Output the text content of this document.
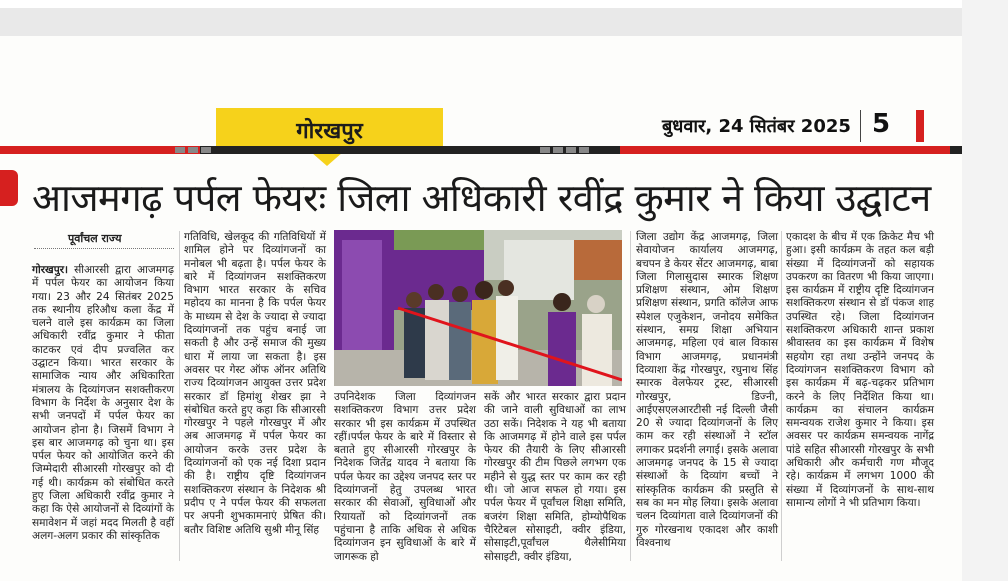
गोरखपुर	बुधवार, 24 सितंबर 2025 5
आजमगढ़ पर्पल फेयरः जिला अधिकारी रवींद्र कुमार ने किया उद्घाटन
पूर्वांचल राज्य
गोरखपुर। सीआरसी द्वारा आजमगढ़ में पर्पल फेयर का आयोजन किया गया। 23 और 24 सितंबर 2025 तक स्थानीय हरिऔध कला केंद्र में चलने वाले इस कार्यक्रम का जिला अधिकारी रवींद्र कुमार ने फीता काटकर एवं दीप प्रज्वलित कर उद्घाटन किया। भारत सरकार के सामाजिक न्याय और अधिकारिता मंत्रालय के दिव्यांगजन सशक्तीकरण विभाग के निर्देश के अनुसार देश के सभी जनपदों में पर्पल फेयर का आयोजन होना है। जिसमें विभाग ने इस बार आजमगढ़ को चुना था। इस पर्पल फेयर को आयोजित करने की जिम्मेदारी सीआरसी गोरखपुर को दी गई थी। कार्यक्रम को संबोधित करते हुए जिला अधिकारी रवींद्र कुमार ने कहा कि ऐसे आयोजनों से दिव्यांगों के समावेशन में जहां मदद मिलती है वहीं अलग-अलग प्रकार की सांस्कृतिक
गतिविधि, खेलकूद की गतिविधियों में शामिल होने पर दिव्यांगजनों का मनोबल भी बढ़ता है। पर्पल फेयर के बारे में दिव्यांगजन सशक्तिकरण विभाग भारत सरकार के सचिव महोदय का मानना है कि पर्पल फेयर के माध्यम से देश के ज्यादा से ज्यादा दिव्यांगजनों तक पहुंच बनाई जा सकती है और उन्हें समाज की मुख्य धारा में लाया जा सकता है। इस अवसर पर गेस्ट ऑफ ऑनर अतिथि राज्य दिव्यांगजन आयुक्त उत्तर प्रदेश सरकार डॉ हिमांशु शेखर झा ने संबोधित करते हुए कहा कि सीआरसी गोरखपुर ने पहले गोरखपुर में और अब आजमगढ़ में पर्पल फेयर का आयोजन करके उत्तर प्रदेश के दिव्यांगजनों को एक नई दिशा प्रदान की है। राष्ट्रीय दृष्टि दिव्यांगजन सशक्तिकरण संस्थान के निदेशक श्री प्रदीप ए ने पर्पल फेयर की सफलता पर अपनी शुभकामनाएं प्रेषित की। बतौर विशिष्ट अतिथि सुश्री मीनू सिंह
उपनिदेशक जिला दिव्यांगजन सशक्तिकरण विभाग उत्तर प्रदेश सरकार भी इस कार्यक्रम में उपस्थित रहीं।पर्पल फेयर के बारे में विस्तार से बताते हुए सीआरसी गोरखपुर के निदेशक जितेंद्र यादव ने बताया कि पर्पल फेयर का उद्देश्य जनपद स्तर पर दिव्यांगजनों हेतु उपलब्ध भारत सरकार की सेवाओं, सुविधाओं और रियायतों को दिव्यांगजनों तक पहुंचाना है ताकि अधिक से अधिक दिव्यांगजन इन सुविधाओं के बारे में जागरूक हो
सकें और भारत सरकार द्वारा प्रदान की जाने वाली सुविधाओं का लाभ उठा सकें। निदेशक ने यह भी बताया कि आजमगढ़ में होने वाले इस पर्पल फेयर की तैयारी के लिए सीआरसी गोरखपुर की टीम पिछले लगभग एक महीने से युद्ध स्तर पर काम कर रही थी। जो आज सफल हो गया। इस पर्पल फेयर में पूर्वांचल शिक्षा समिति, बजरंग शिक्षा समिति, होम्योपैथिक चैरिटेबल सोसाइटी, क्वीर इंडिया, सोसाइटी,पूर्वांचल थैलेसीमिया सोसाइटी, क्वीर इंडिया,
जिला उद्योग केंद्र आजमगढ़, जिला सेवायोजन कार्यालय आजमगढ़, बचपन डे केयर सेंटर आजमगढ़, बाबा जिला गिलासुदास स्मारक शिक्षण प्रशिक्षण संस्थान, ओम शिक्षण प्रशिक्षण संस्थान, प्रगति कॉलेज आफ स्पेशल एजुकेशन, जनोदय समेकित संस्थान, समग्र शिक्षा अभियान आजमगढ़, महिला एवं बाल विकास विभाग आजमगढ़, प्रधानमंत्री दिव्याशा केंद्र गोरखपुर, रघुनाथ सिंह स्मारक वेलफेयर ट्रस्ट, सीआरसी गोरखपुर, डिज्नी, आईएसएलआरटीसी नई दिल्ली जैसी 20 से ज्यादा दिव्यांगजनों के लिए काम कर रही संस्थाओं ने स्टॉल लगाकर प्रदर्शनी लगाई। इसके अलावा आजमगढ़ जनपद के 15 से ज्यादा संस्थाओं के दिव्यांग बच्चों ने सांस्कृतिक कार्यक्रम की प्रस्तुति से सब का मन मोह लिया। इसके अलावा चलन दिव्यांगता वाले दिव्यांगजनों की गुरु गोरखनाथ एकादश और काशी विश्वनाथ
एकादश के बीच में एक क्रिकेट मैच भी हुआ। इसी कार्यक्रम के तहत कल बड़ी संख्या में दिव्यांगजनों को सहायक उपकरण का वितरण भी किया जाएगा। इस कार्यक्रम में राष्ट्रीय दृष्टि दिव्यांगजन सशक्तिकरण संस्थान से डॉ पंकज शाह उपस्थित रहे। जिला दिव्यांगजन सशक्तिकरण अधिकारी शान्त प्रकाश श्रीवास्तव का इस कार्यक्रम में विशेष सहयोग रहा तथा उन्होंने जनपद के दिव्यांगजन सशक्तिकरण विभाग को इस कार्यक्रम में बढ़-चढ़कर प्रतिभाग करने के लिए निर्देशित किया था। कार्यक्रम का संचालन कार्यक्रम समन्वयक राजेश कुमार ने किया। इस अवसर पर कार्यक्रम समन्वयक नागेंद्र पांडे सहित सीआरसी गोरखपुर के सभी अधिकारी और कर्मचारी गण मौजूद रहे। कार्यक्रम में लगभग 1000 की संख्या में दिव्यांगजनों के साथ-साथ सामान्य लोगों ने भी प्रतिभाग किया।
